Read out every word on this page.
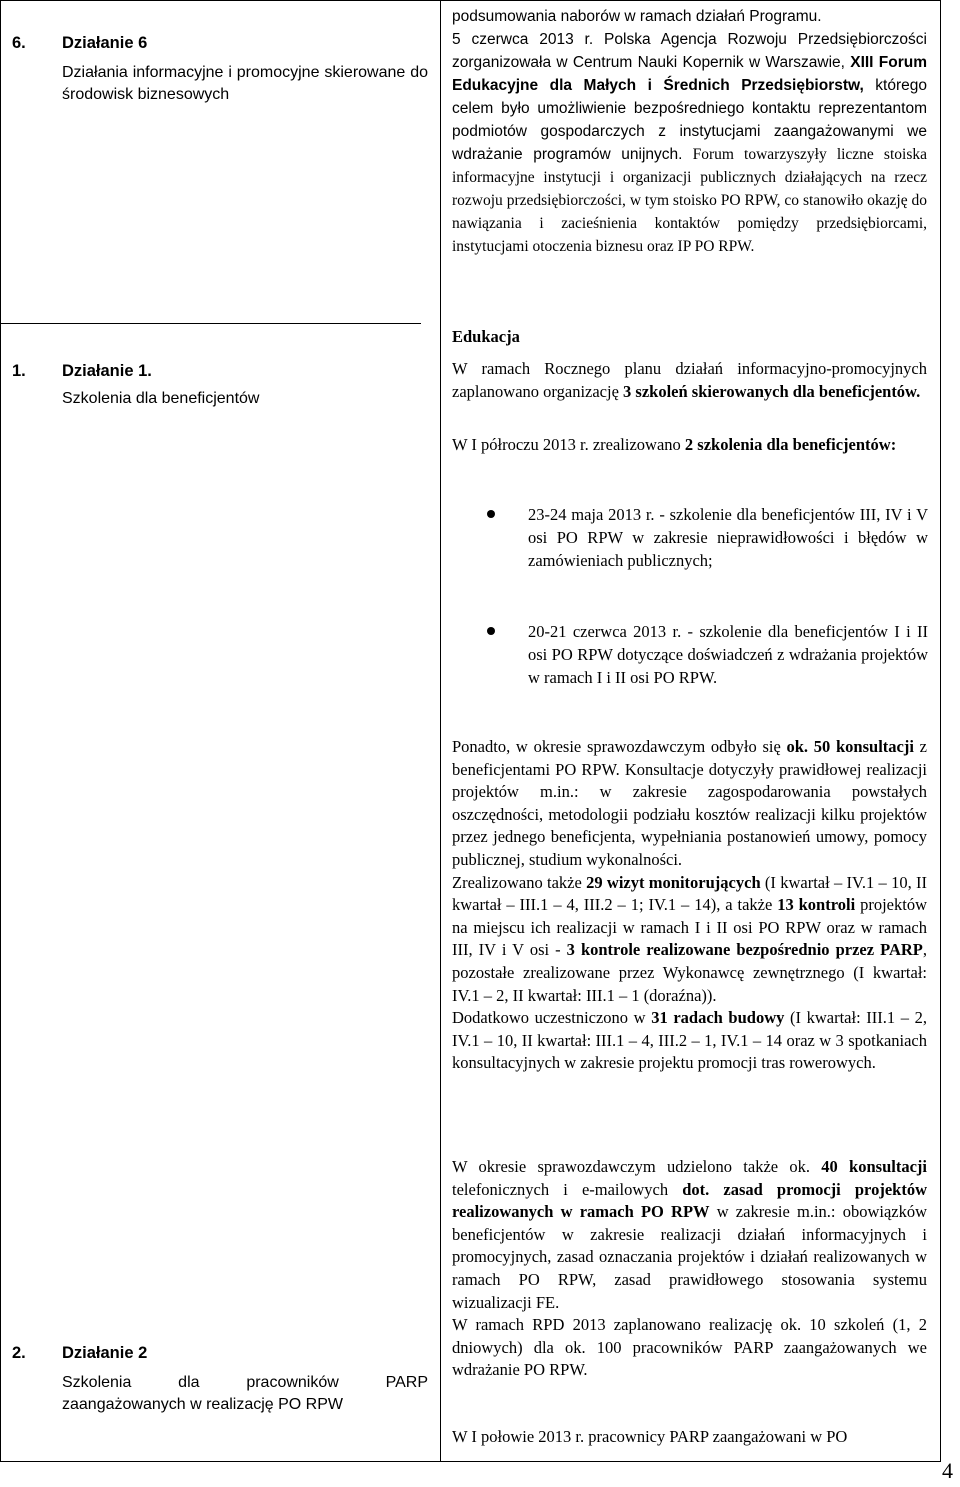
6. Działanie 6
Działania informacyjne i promocyjne skierowane do środowisk biznesowych
1. Działanie 1.
Szkolenia dla beneficjentów
2. Działanie 2
Szkolenia dla pracowników PARP zaangażowanych w realizację PO RPW
podsumowania naborów w ramach działań Programu.
5 czerwca 2013 r. Polska Agencja Rozwoju Przedsiębiorczości zorganizowała w Centrum Nauki Kopernik w Warszawie, XIII Forum Edukacyjne dla Małych i Średnich Przedsiębiorstw, którego celem było umożliwienie bezpośredniego kontaktu reprezentantom podmiotów gospodarczych z instytucjami zaangażowanymi we wdrażanie programów unijnych. Forum towarzyszyły liczne stoiska informacyjne instytucji i organizacji publicznych działających na rzecz rozwoju przedsiębiorczości, w tym stoisko PO RPW, co stanowiło okazję do nawiązania i zacieśnienia kontaktów pomiędzy przedsiębiorcami, instytucjami otoczenia biznesu oraz IP PO RPW.
Edukacja
W ramach Rocznego planu działań informacyjno-promocyjnych zaplanowano organizację 3 szkoleń skierowanych dla beneficjentów.
W I półroczu 2013 r. zrealizowano 2 szkolenia dla beneficjentów:
23-24 maja 2013 r. - szkolenie dla beneficjentów III, IV i V osi PO RPW w zakresie nieprawidłowości i błędów w zamówieniach publicznych;
20-21 czerwca 2013 r. - szkolenie dla beneficjentów I i II osi PO RPW dotyczące doświadczeń z wdrażania projektów w ramach I i II osi PO RPW.
Ponadto, w okresie sprawozdawczym odbyło się ok. 50 konsultacji z beneficjentami PO RPW. Konsultacje dotyczyły prawidłowej realizacji projektów m.in.: w zakresie zagospodarowania powstałych oszczędności, metodologii podziału kosztów realizacji kilku projektów przez jednego beneficjenta, wypełniania postanowień umowy, pomocy publicznej, studium wykonalności.
Zrealizowano także 29 wizyt monitorujących (I kwartał – IV.1 – 10, II kwartał – III.1 – 4, III.2 – 1; IV.1 – 14), a także 13 kontroli projektów na miejscu ich realizacji w ramach I i II osi PO RPW oraz w ramach III, IV i V osi - 3 kontrole realizowane bezpośrednio przez PARP, pozostałe zrealizowane przez Wykonawcę zewnętrznego (I kwartał: IV.1 – 2, II kwartał: III.1 – 1 (doraźna)).
Dodatkowo uczestniczono w 31 radach budowy (I kwartał: III.1 – 2, IV.1 – 10, II kwartał: III.1 – 4, III.2 – 1, IV.1 – 14 oraz w 3 spotkaniach konsultacyjnych w zakresie projektu promocji tras rowerowych.
W okresie sprawozdawczym udzielono także ok. 40 konsultacji telefonicznych i e-mailowych dot. zasad promocji projektów realizowanych w ramach PO RPW w zakresie m.in.: obowiązków beneficjentów w zakresie realizacji działań informacyjnych i promocyjnych, zasad oznaczania projektów i działań realizowanych w ramach PO RPW, zasad prawidłowego stosowania systemu wizualizacji FE.
W ramach RPD 2013 zaplanowano realizację ok. 10 szkoleń (1, 2 dniowych) dla ok. 100 pracowników PARP zaangażowanych we wdrażanie PO RPW.
W I połowie 2013 r. pracownicy PARP zaangażowani w PO
4
